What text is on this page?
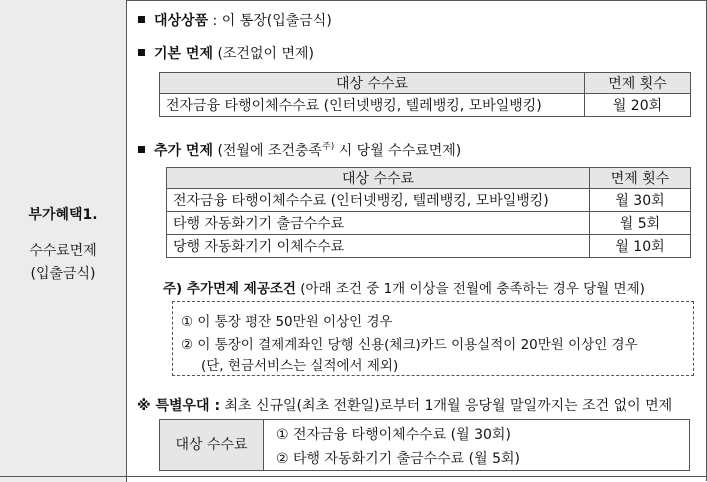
부가혜택1.
수수료면제
(입출금식)
대상상품 : 이 통장(입출금식)
기본 면제 (조건없이 면제)
대상 수수료	면제 횟수
전자금융 타행이체수수료 (인터넷뱅킹, 텔레뱅킹, 모바일뱅킹)	월 20회
추가 면제 (전월에 조건충족$^{주)}$ 시 당월 수수료면제)
대상 수수료	면제 횟수
전자금융 타행이체수수료 (인터넷뱅킹, 텔레뱅킹, 모바일뱅킹)	월 30회
타행 자동화기기 출금수수료	월 5회
당행 자동화기기 이체수수료	월 10회
주) 추가면제 제공조건 (아래 조건 중 1개 이상을 전월에 충족하는 경우 당월 면제)
① 이 통장 평잔 50만원 이상인 경우
② 이 통장이 결제계좌인 당행 신용(체크)카드 이용실적이 20만원 이상인 경우
(단, 현금서비스는 실적에서 제외)
※ 특별우대 : 최초 신규일(최초 전환일)로부터 1개월 응당월 말일까지는 조건 없이 면제
대상 수수료
① 전자금융 타행이체수수료 (월 30회)
② 타행 자동화기기 출금수수료 (월 5회)
